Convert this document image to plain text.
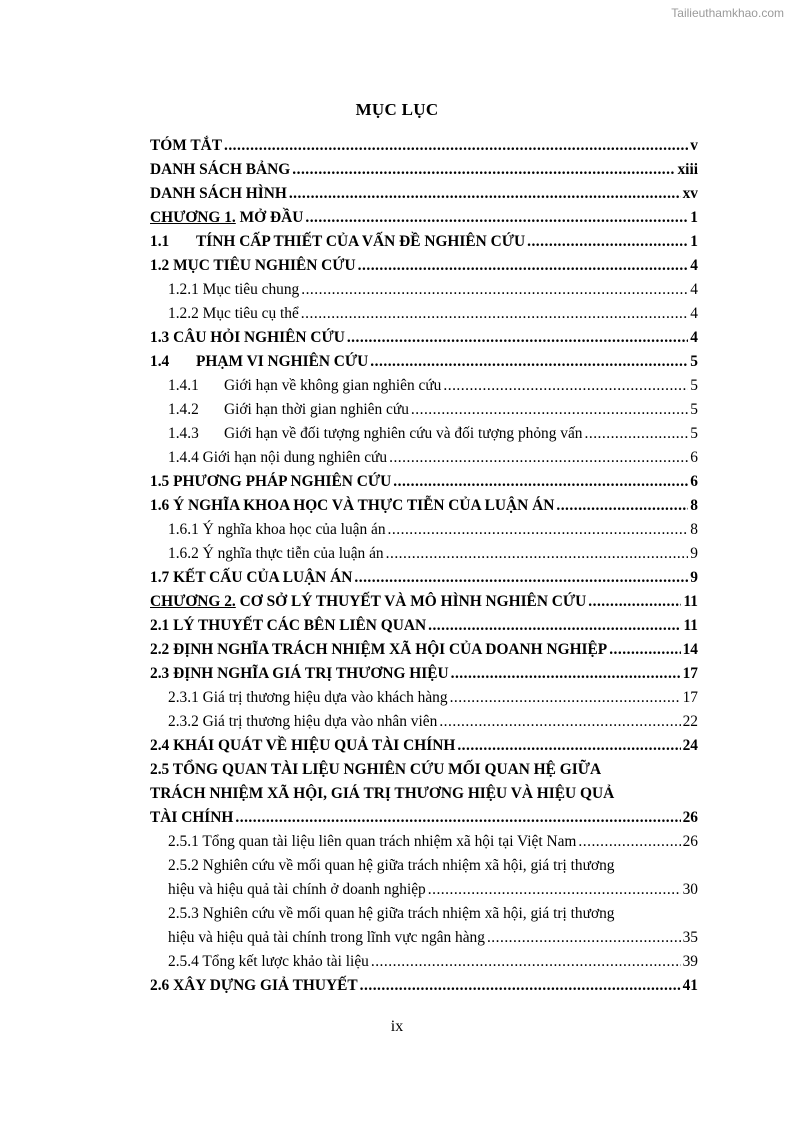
Tailieuthamkhao.com
MỤC LỤC
TÓM TẮT .....	v
DANH SÁCH BẢNG .....	xiii
DANH SÁCH HÌNH .....	xv
CHƯƠNG 1. MỞ ĐẦU .....	1
1.1 TÍNH CẤP THIẾT CỦA VẤN ĐỀ NGHIÊN CỨU .....	1
1.2 MỤC TIÊU NGHIÊN CỨU .....	4
1.2.1 Mục tiêu chung .....	4
1.2.2 Mục tiêu cụ thể .....	4
1.3 CÂU HỎI NGHIÊN CỨU .....	4
1.4 PHẠM VI NGHIÊN CỨU .....	5
1.4.1 Giới hạn về không gian nghiên cứu .....	5
1.4.2 Giới hạn thời gian nghiên cứu .....	5
1.4.3 Giới hạn về đối tượng nghiên cứu và đối tượng phỏng vấn .....	5
1.4.4 Giới hạn nội dung nghiên cứu .....	6
1.5 PHƯƠNG PHÁP NGHIÊN CỨU .....	6
1.6 Ý NGHĨA KHOA HỌC VÀ THỰC TIỄN CỦA LUẬN ÁN .....	8
1.6.1 Ý nghĩa khoa học của luận án .....	8
1.6.2 Ý nghĩa thực tiễn của luận án .....	9
1.7 KẾT CẤU CỦA LUẬN ÁN .....	9
CHƯƠNG 2. CƠ SỞ LÝ THUYẾT VÀ MÔ HÌNH NGHIÊN CỨU .....	11
2.1 LÝ THUYẾT CÁC BÊN LIÊN QUAN .....	11
2.2 ĐỊNH NGHĨA TRÁCH NHIỆM XÃ HỘI CỦA DOANH NGHIỆP .....	14
2.3 ĐỊNH NGHĨA GIÁ TRỊ THƯƠNG HIỆU .....	17
2.3.1 Giá trị thương hiệu dựa vào khách hàng .....	17
2.3.2 Giá trị thương hiệu dựa vào nhân viên .....	22
2.4 KHÁI QUÁT VỀ HIỆU QUẢ TÀI CHÍNH .....	24
2.5 TỔNG QUAN TÀI LIỆU NGHIÊN CỨU MỐI QUAN HỆ GIỮA
TRÁCH NHIỆM XÃ HỘI, GIÁ TRỊ THƯƠNG HIỆU VÀ HIỆU QUẢ
TÀI CHÍNH .....	26
2.5.1 Tổng quan tài liệu liên quan trách nhiệm xã hội tại Việt Nam .....	26
2.5.2 Nghiên cứu về mối quan hệ giữa trách nhiệm xã hội, giá trị thương
hiệu và hiệu quả tài chính ở doanh nghiệp .....	30
2.5.3 Nghiên cứu về mối quan hệ giữa trách nhiệm xã hội, giá trị thương
hiệu và hiệu quả tài chính trong lĩnh vực ngân hàng .....	35
2.5.4 Tổng kết lược khảo tài liệu .....	39
2.6 XÂY DỰNG GIẢ THUYẾT .....	41
ix
